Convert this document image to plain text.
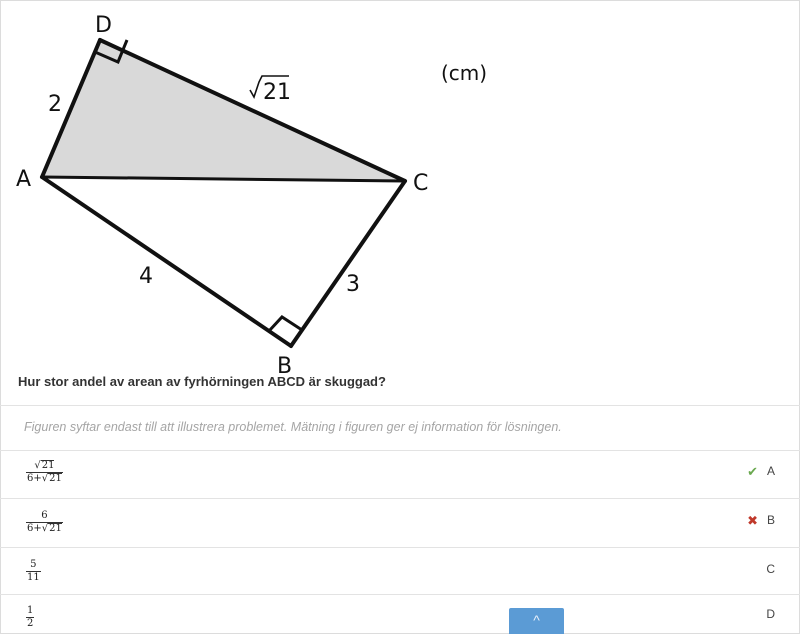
D
A	C
B
2	21
4	3
(cm)
Hur stor andel av arean av fyrhörningen ABCD är skuggad?
Figuren syftar endast till att illustrera problemet. Mätning i figuren ger ej information för lösningen.
$\frac{√21}{6+√21}$	✔ A
$\frac{6}{6+√21}$	✖ B
$\frac{5}{11}$	C
$\frac{1}{2}$	D
^
